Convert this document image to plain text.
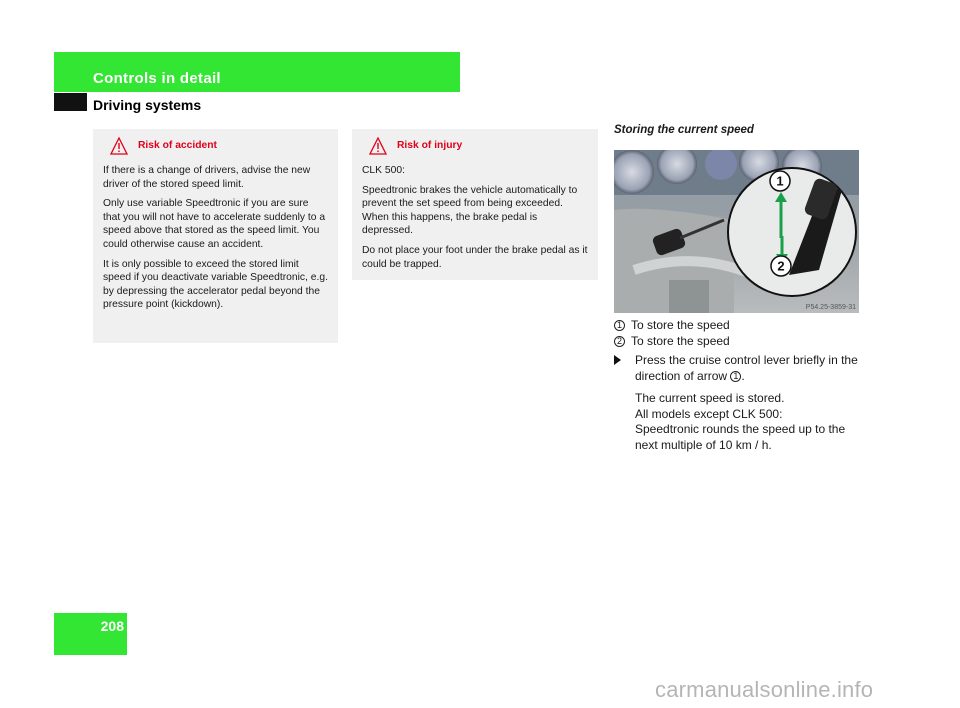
Controls in detail
Driving systems
Risk of accident

If there is a change of drivers, advise the new driver of the stored speed limit.

Only use variable Speedtronic if you are sure that you will not have to accelerate suddenly to a speed above that stored as the speed limit. You could otherwise cause an accident.

It is only possible to exceed the stored limit speed if you deactivate variable Speedtronic, e.g. by depressing the accelerator pedal beyond the pressure point (kickdown).

Risk of injury

CLK 500:

Speedtronic brakes the vehicle automatically to prevent the set speed from being exceeded. When this happens, the brake pedal is depressed.

Do not place your foot under the brake pedal as it could be trapped.

Storing the current speed
1
2
P54.25-3859-31
1 To store the speed
2 To store the speed
Press the cruise control lever briefly in the direction of arrow 1 .
The current speed is stored.
All models except CLK 500:
Speedtronic rounds the speed up to the next multiple of 10 km / h.
208
carmanualsonline.info
